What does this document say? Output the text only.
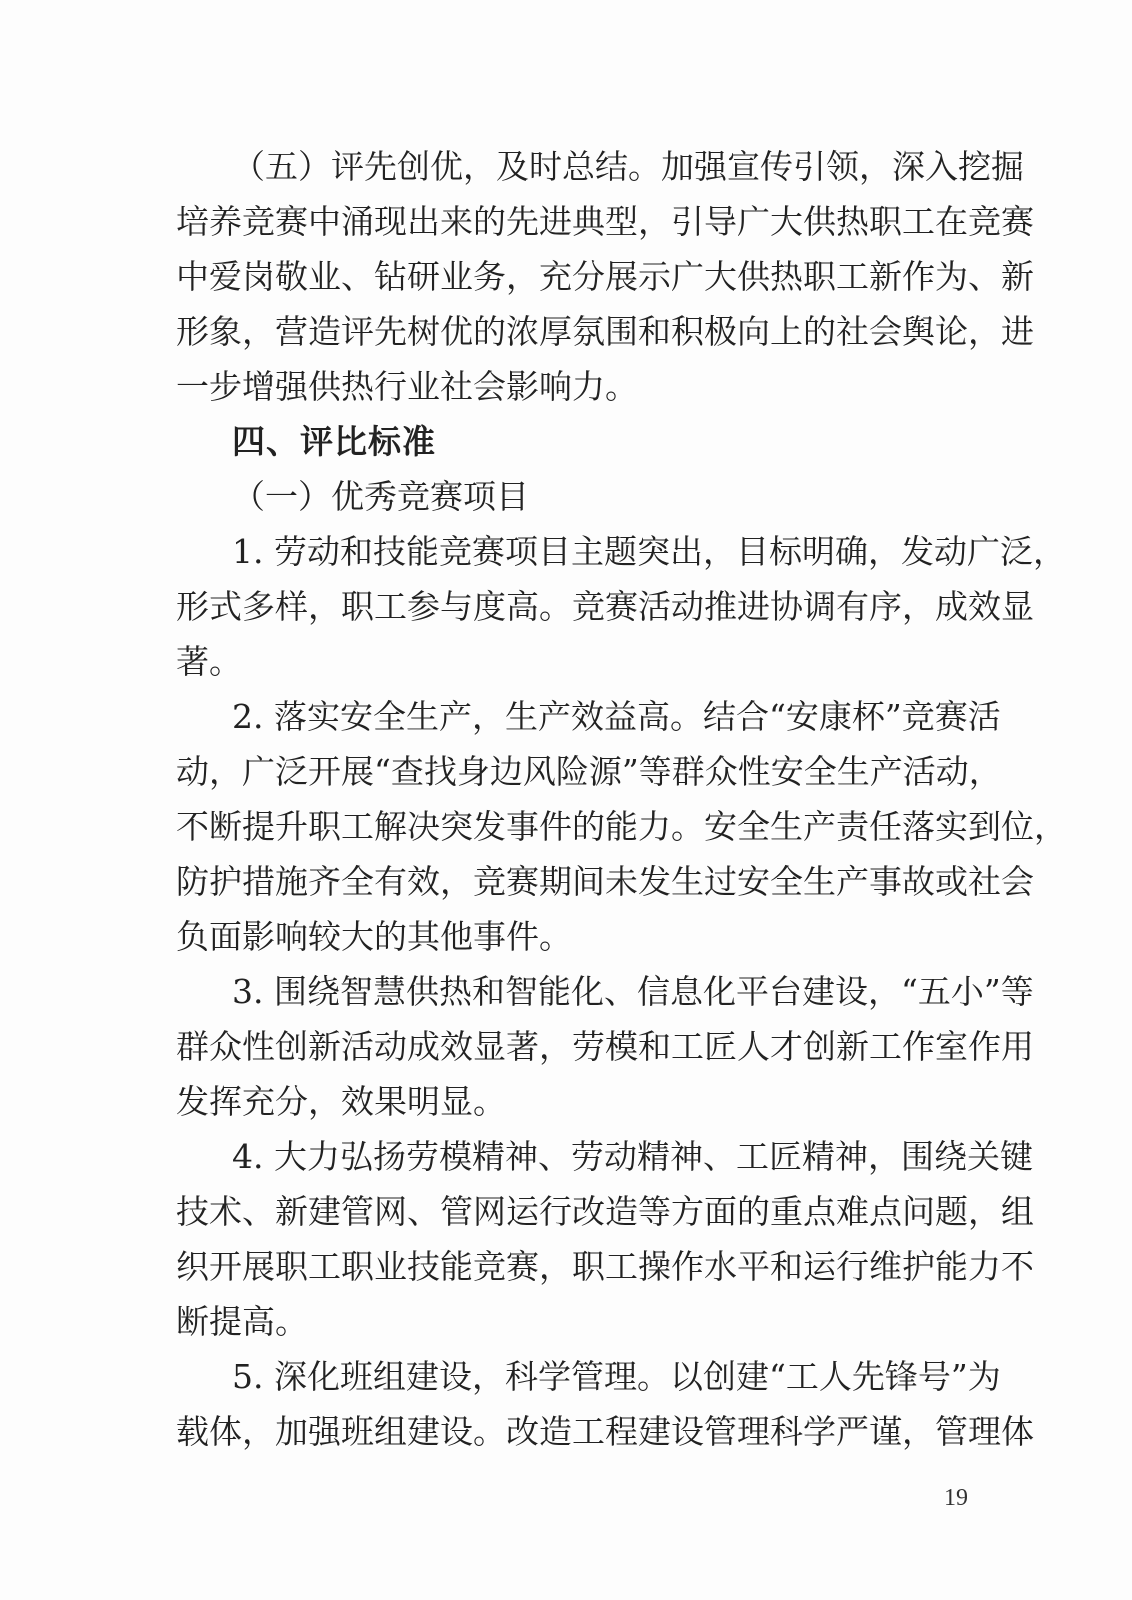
（五）评先创优，及时总结。加强宣传引领，深入挖掘
培养竞赛中涌现出来的先进典型，引导广大供热职工在竞赛
中爱岗敬业、钻研业务，充分展示广大供热职工新作为、新
形象，营造评先树优的浓厚氛围和积极向上的社会舆论，进
一步增强供热行业社会影响力。
四、评比标准
（一）优秀竞赛项目
1. 劳动和技能竞赛项目主题突出，目标明确，发动广泛，
形式多样，职工参与度高。竞赛活动推进协调有序，成效显
著。
2. 落实安全生产，生产效益高。结合“安康杯”竞赛活
动，广泛开展“查找身边风险源”等群众性安全生产活动，
不断提升职工解决突发事件的能力。安全生产责任落实到位，
防护措施齐全有效，竞赛期间未发生过安全生产事故或社会
负面影响较大的其他事件。
3. 围绕智慧供热和智能化、信息化平台建设，“五小”等
群众性创新活动成效显著，劳模和工匠人才创新工作室作用
发挥充分，效果明显。
4. 大力弘扬劳模精神、劳动精神、工匠精神，围绕关键
技术、新建管网、管网运行改造等方面的重点难点问题，组
织开展职工职业技能竞赛，职工操作水平和运行维护能力不
断提高。
5. 深化班组建设，科学管理。以创建“工人先锋号”为
载体，加强班组建设。改造工程建设管理科学严谨，管理体
19
